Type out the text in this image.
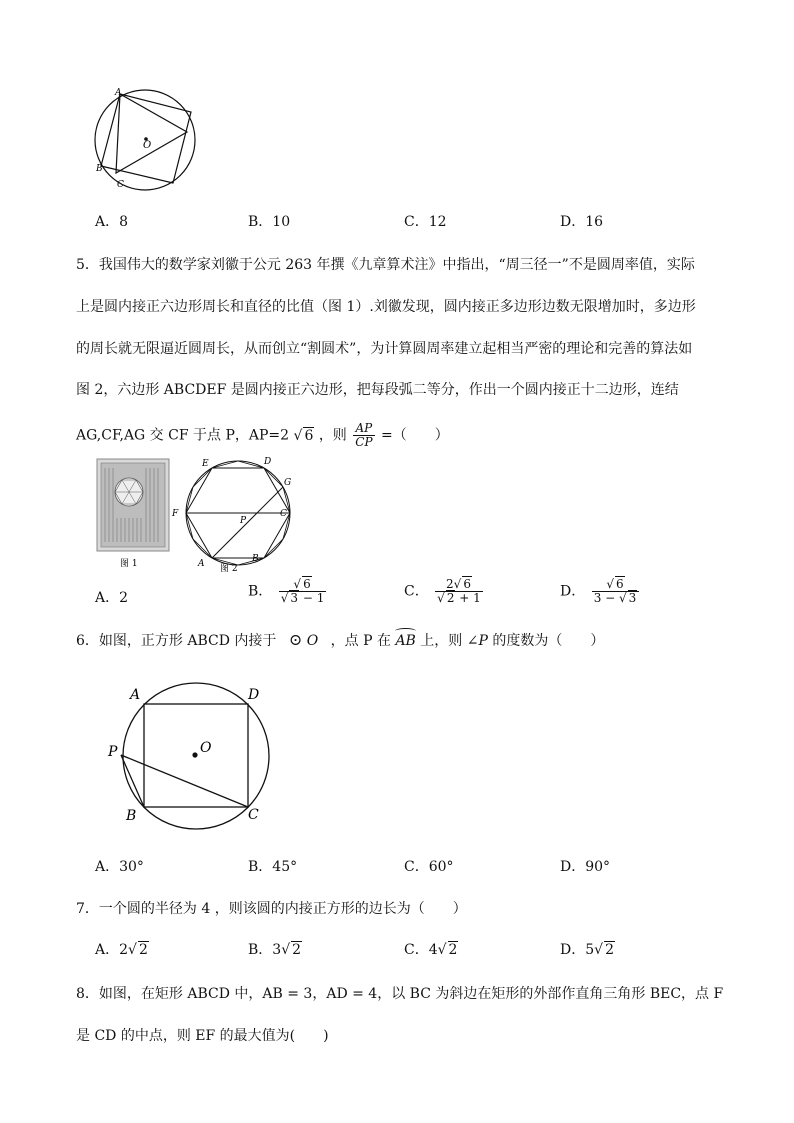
A
O
B
C
A．8	B．10	C．12	D．16
5．我国伟大的数学家刘徽于公元 263 年撰《九章算术注》中指出，“周三径一”不是圆周率值，实际
上是圆内接正六边形周长和直径的比值（图 1）.刘徽发现，圆内接正多边形边数无限增加时，多边形
的周长就无限逼近圆周长，从而创立“割圆术”，为计算圆周率建立起相当严密的理论和完善的算法如
图 2，六边形 ABCDEF 是圆内接正六边形，把每段弧二等分，作出一个圆内接正十二边形，连结
AG,CF,AG 交 CF 于点 P，AP=2 √ 6 ，则 $\frac{AP}{CP}$ =（　　）
图 1
E	D
G
F	C
P
A	B
图 2
A．2	B． $\frac{√ 6}{√ 3 - 1}$	C． $\frac{2√ 6}{√ 2 + 1}$	D． $\frac{√ 6}{3 - √ 3}$
6．如图，正方形 ABCD 内接于 ⊙ O ，点 P 在 AB 上，则 ∠P 的度数为（　　）
A	D
P	O
B	C
A．30°	B．45°	C．60°	D．90°
7．一个圆的半径为 4 ，则该圆的内接正方形的边长为（　　）
A．2√ 2	B．3√ 2	C．4√ 2	D．5√ 2
8．如图，在矩形 ABCD 中，AB = 3，AD = 4，以 BC 为斜边在矩形的外部作直角三角形 BEC，点 F
是 CD 的中点，则 EF 的最大值为(　　)
